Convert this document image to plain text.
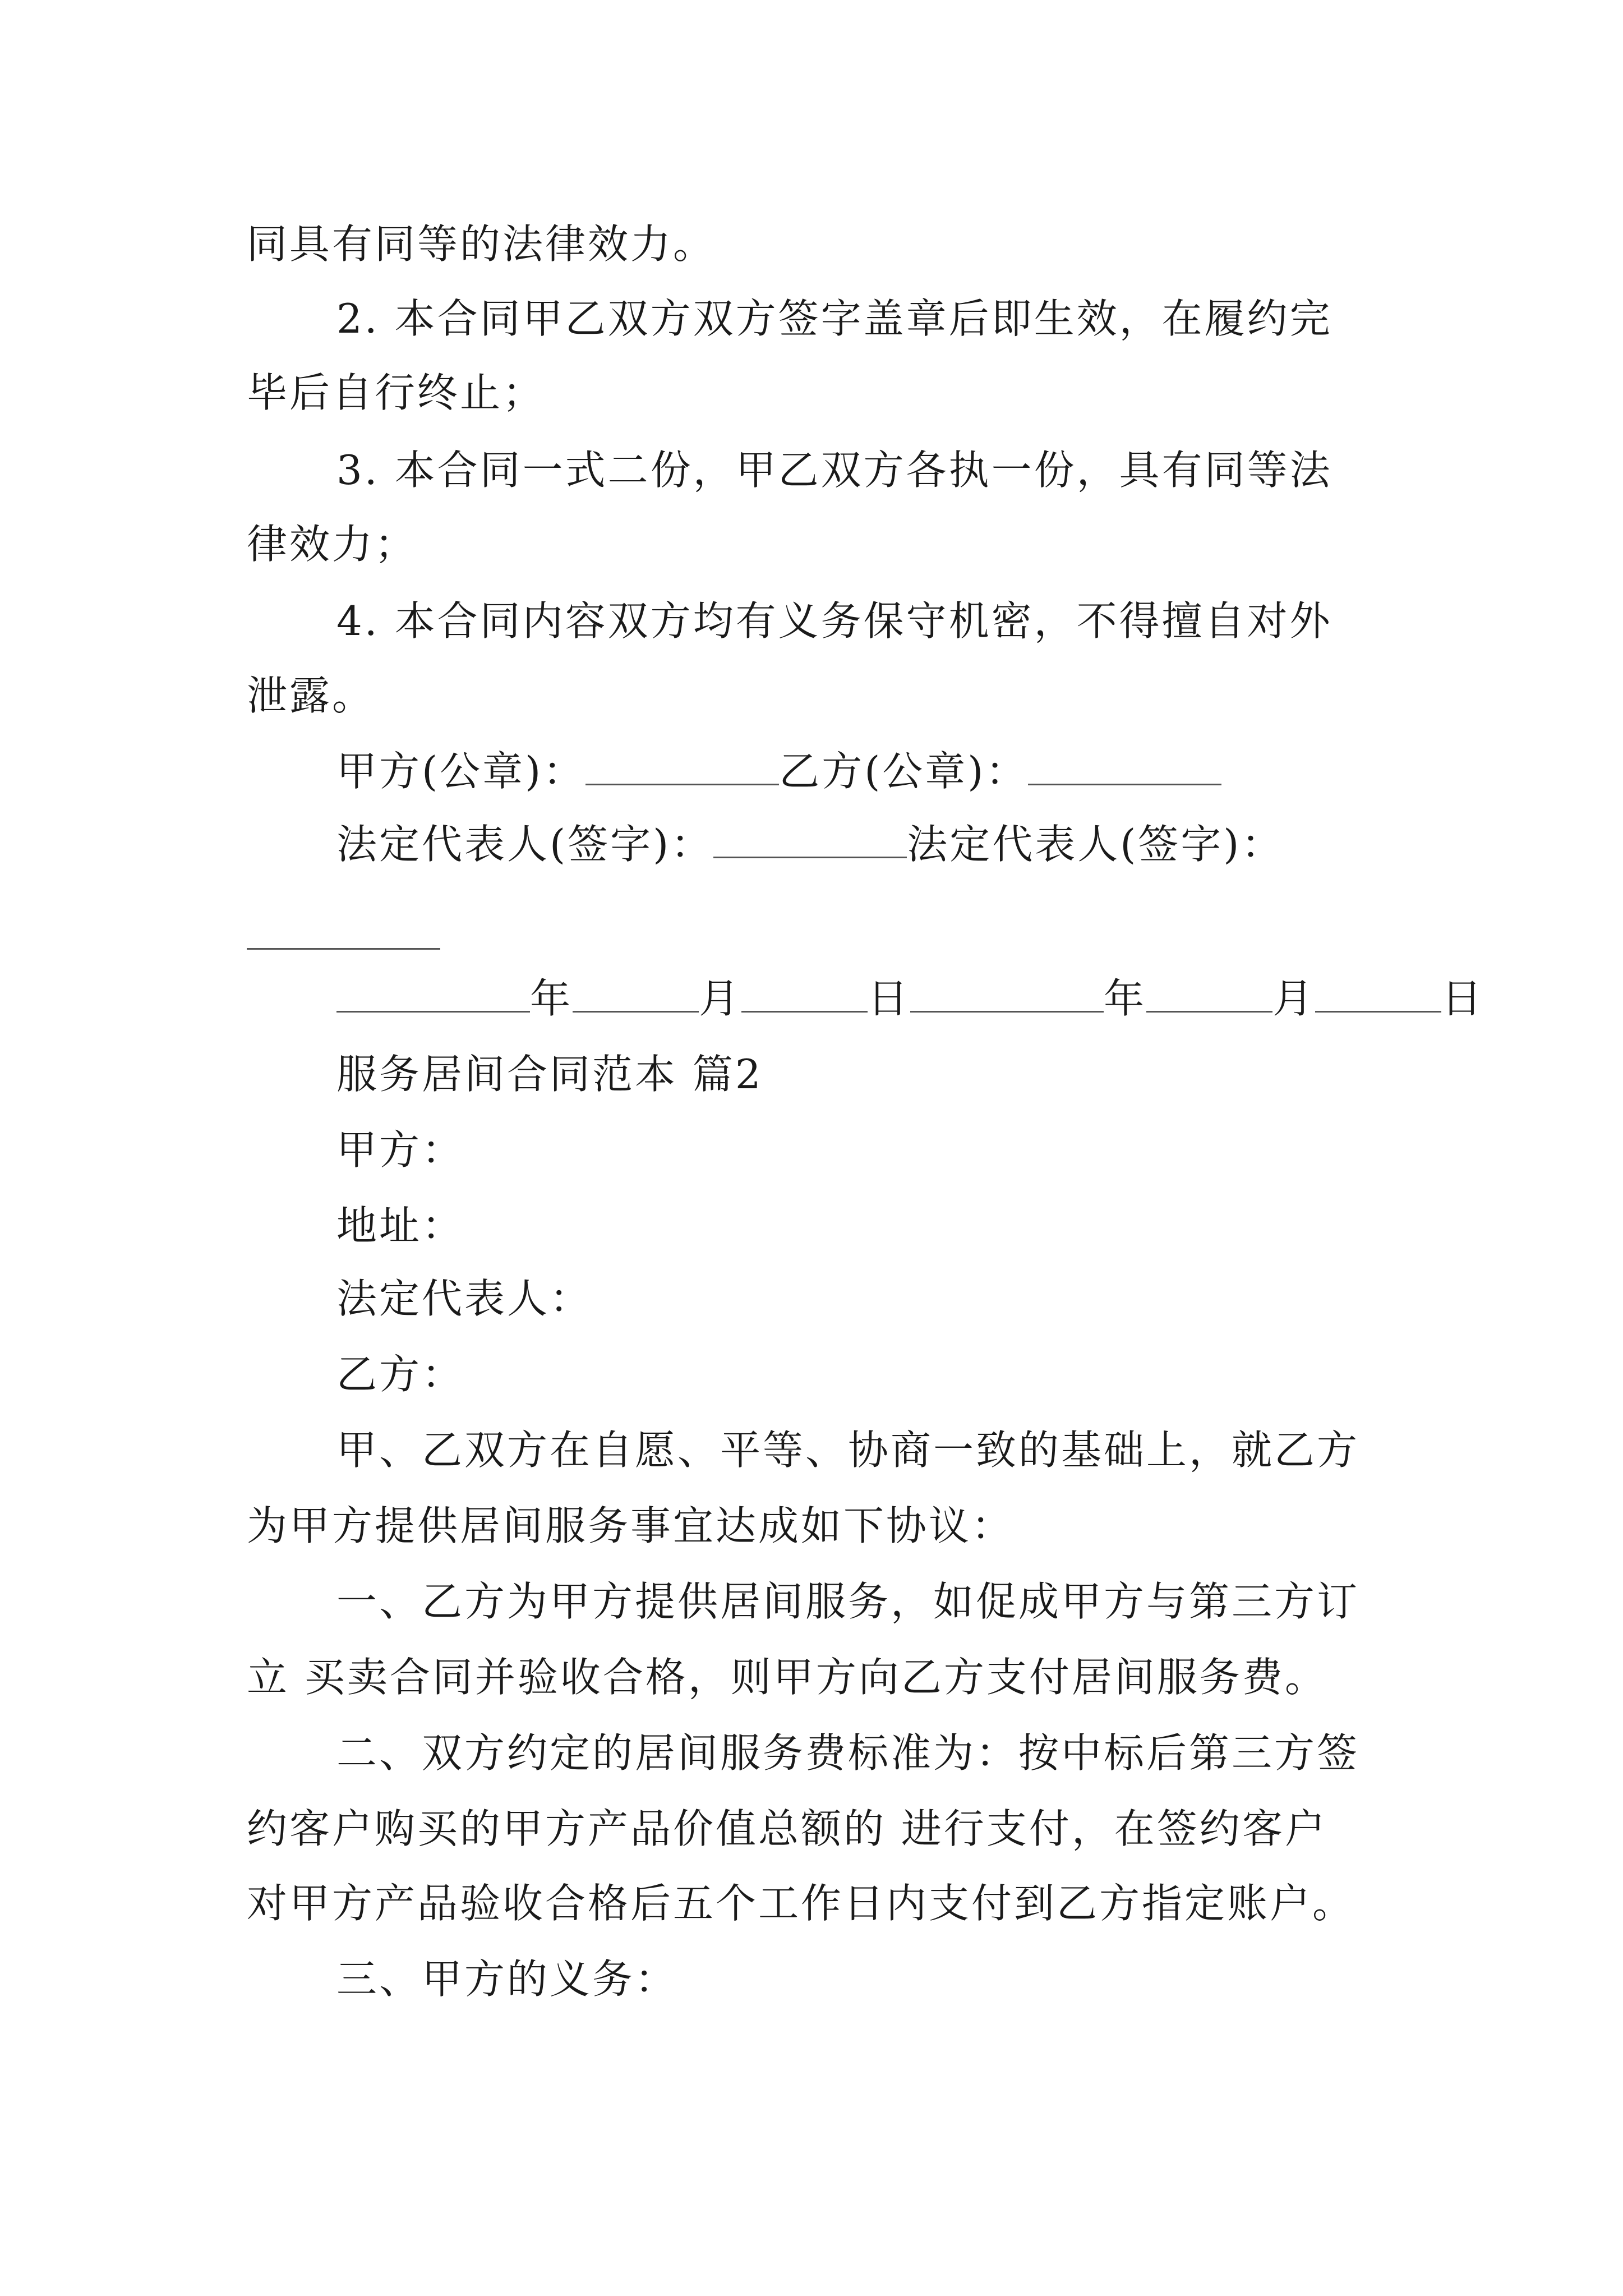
同具有同等的法律效力。
2. 本合同甲乙双方双方签字盖章后即生效，在履约完
毕后自行终止；
3. 本合同一式二份，甲乙双方各执一份，具有同等法
律效力；
4. 本合同内容双方均有义务保守机密，不得擅自对外
泄露。
甲方(公章)：	乙方(公章)：
法定代表人(签字)：	法定代表人(签字)：
年	月	日	年	月	日
服务居间合同范本 篇2
甲方：
地址：
法定代表人：
乙方：
甲、乙双方在自愿、平等、协商一致的基础上，就乙方
为甲方提供居间服务事宜达成如下协议：
一、乙方为甲方提供居间服务，如促成甲方与第三方订
立 买卖合同并验收合格，则甲方向乙方支付居间服务费。
二、双方约定的居间服务费标准为：按中标后第三方签
约客户购买的甲方产品价值总额的 进行支付，在签约客户
对甲方产品验收合格后五个工作日内支付到乙方指定账户。
三、甲方的义务：
